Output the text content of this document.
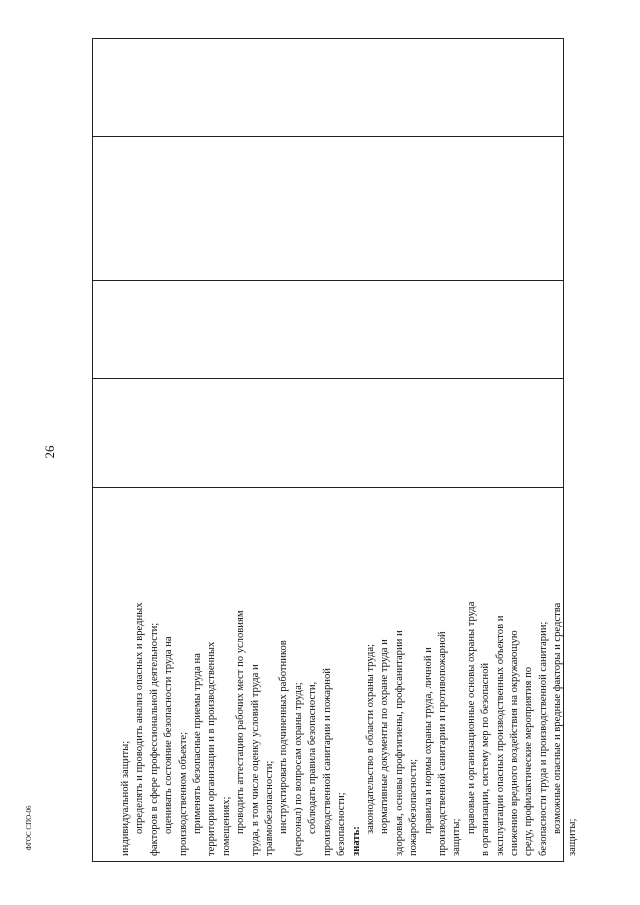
26
индивидуальной защиты; определять и проводить анализ опасных и вредных факторов в сфере профессиональной деятельности; оценивать состояние безопасности труда на производственном объекте; применять безопасные приемы труда на территории организации и в производственных помещениях; проводить аттестацию рабочих мест по условиям труда, в том числе оценку условий труда и травмобезопасности; инструктировать подчиненных работников (персонал) по вопросам охраны труда; соблюдать правила безопасности, производственной санитарии и пожарной безопасности; знать:
законодательство в области охраны труда; нормативные документы по охране труда и здоровья, основы профгигиены, профсанитарии и пожаробезопасности; правила и нормы охраны труда, личной и производственной санитарии и противопожарной защиты;
правовые и организационные основы охраны труда в организации, систему мер по безопасной эксплуатации опасных производственных объектов и снижению вредного воздействия на окружающую среду, профилактические мероприятия по безопасности труда и производственной санитарии; возможные опасные и вредные факторы и средства
защиты;
ФГОС СПО-06
